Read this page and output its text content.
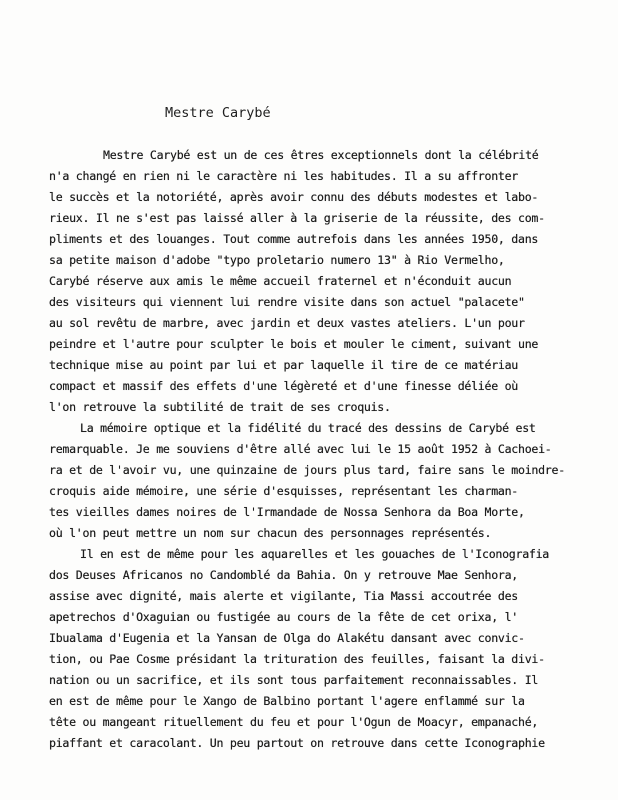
Mestre Carybé
Mestre Carybé est un de ces êtres exceptionnels dont la célébrité
n'a changé en rien ni le caractère ni les habitudes. Il a su affronter
le succès et la notoriété, après avoir connu des débuts modestes et labo-
rieux. Il ne s'est pas laissé aller à la griserie de la réussite, des com-
pliments et des louanges. Tout comme autrefois dans les années 1950, dans
sa petite maison d'adobe "typo proletario numero 13" à Rio Vermelho,
Carybé réserve aux amis le même accueil fraternel et n'éconduit aucun
des visiteurs qui viennent lui rendre visite dans son actuel "palacete"
au sol revêtu de marbre, avec jardin et deux vastes ateliers. L'un pour
peindre et l'autre pour sculpter le bois et mouler le ciment, suivant une
technique mise au point par lui et par laquelle il tire de ce matériau
compact et massif des effets d'une légèreté et d'une finesse déliée où
l'on retrouve la subtilité de trait de ses croquis.
La mémoire optique et la fidélité du tracé des dessins de Carybé est
remarquable. Je me souviens d'être allé avec lui le 15 août 1952 à Cachoei-
ra et de l'avoir vu, une quinzaine de jours plus tard, faire sans le moindre-
croquis aide mémoire, une série d'esquisses, représentant les charman-
tes vieilles dames noires de l'Irmandade de Nossa Senhora da Boa Morte,
où l'on peut mettre un nom sur chacun des personnages représentés.
Il en est de même pour les aquarelles et les gouaches de l'Iconografia
dos Deuses Africanos no Candomblé da Bahia. On y retrouve Mae Senhora,
assise avec dignité, mais alerte et vigilante, Tia Massi accoutrée des
apetrechos d'Oxaguian ou fustigée au cours de la fête de cet orixa, l'
Ibualama d'Eugenia et la Yansan de Olga do Alakétu dansant avec convic-
tion, ou Pae Cosme présidant la trituration des feuilles, faisant la divi-
nation ou un sacrifice, et ils sont tous parfaitement reconnaissables. Il
en est de même pour le Xango de Balbino portant l'agere enflammé sur la
tête ou mangeant rituellement du feu et pour l'Ogun de Moacyr, empanaché,
piaffant et caracolant. Un peu partout on retrouve dans cette Iconographie
